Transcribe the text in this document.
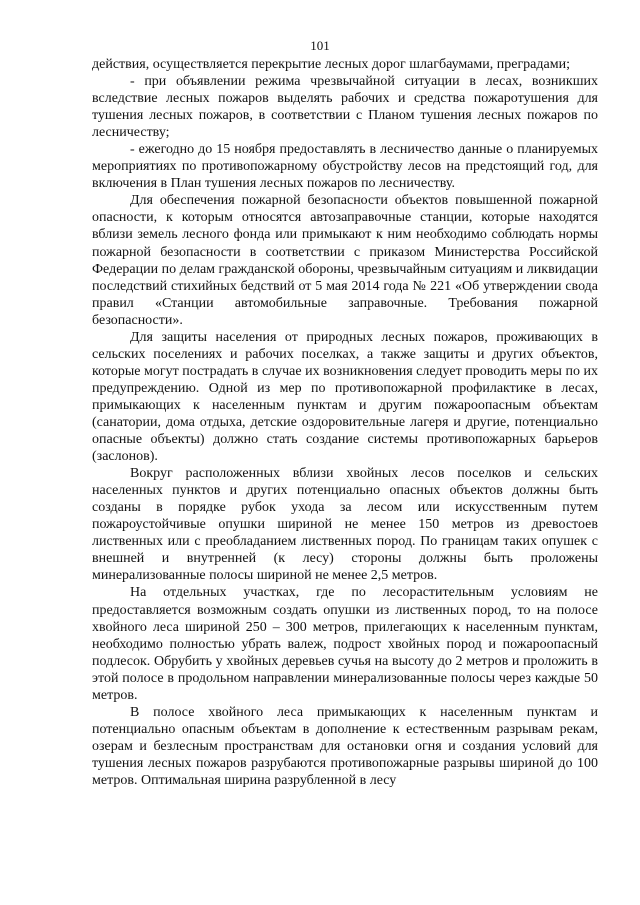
101

действия, осуществляется перекрытие лесных дорог шлагбаумами, преградами;

- при объявлении режима чрезвычайной ситуации в лесах, возникших вследствие лесных пожаров выделять рабочих и средства пожаротушения для тушения лесных пожаров, в соответствии с Планом тушения лесных пожаров по лесничеству;

- ежегодно до 15 ноября предоставлять в лесничество данные о планируемых мероприятиях по противопожарному обустройству лесов на предстоящий год, для включения в План тушения лесных пожаров по лесничеству.

Для обеспечения пожарной безопасности объектов повышенной пожарной опасности, к которым относятся автозаправочные станции, которые находятся вблизи земель лесного фонда или примыкают к ним необходимо соблюдать нормы пожарной безопасности в соответствии с приказом Министерства Российской Федерации по делам гражданской обороны, чрезвычайным ситуациям и ликвидации последствий стихийных бедствий от 5 мая 2014 года № 221 «Об утверждении свода правил «Станции автомобильные заправочные. Требования пожарной безопасности».

Для защиты населения от природных лесных пожаров, проживающих в сельских поселениях и рабочих поселках, а также защиты и других объектов, которые могут пострадать в случае их возникновения следует проводить меры по их предупреждению. Одной из мер по противопожарной профилактике в лесах, примыкающих к населенным пунктам и другим пожароопасным объектам (санатории, дома отдыха, детские оздоровительные лагеря и другие, потенциально опасные объекты) должно стать создание системы противопожарных барьеров (заслонов).

Вокруг расположенных вблизи хвойных лесов поселков и сельских населенных пунктов и других потенциально опасных объектов должны быть созданы в порядке рубок ухода за лесом или искусственным путем пожароустойчивые опушки шириной не менее 150 метров из древостоев лиственных или с преобладанием лиственных пород. По границам таких опушек с внешней и внутренней (к лесу) стороны должны быть проложены минерализованные полосы шириной не менее 2,5 метров.

На отдельных участках, где по лесорастительным условиям не предоставляется возможным создать опушки из лиственных пород, то на полосе хвойного леса шириной 250 – 300 метров, прилегающих к населенным пунктам, необходимо полностью убрать валеж, подрост хвойных пород и пожароопасный подлесок. Обрубить у хвойных деревьев сучья на высоту до 2 метров и проложить в этой полосе в продольном направлении минерализованные полосы через каждые 50 метров.

В полосе хвойного леса примыкающих к населенным пунктам и потенциально опасным объектам в дополнение к естественным разрывам рекам, озерам и безлесным пространствам для остановки огня и создания условий для тушения лесных пожаров разрубаются противопожарные разрывы шириной до 100 метров. Оптимальная ширина разрубленной в лесу
